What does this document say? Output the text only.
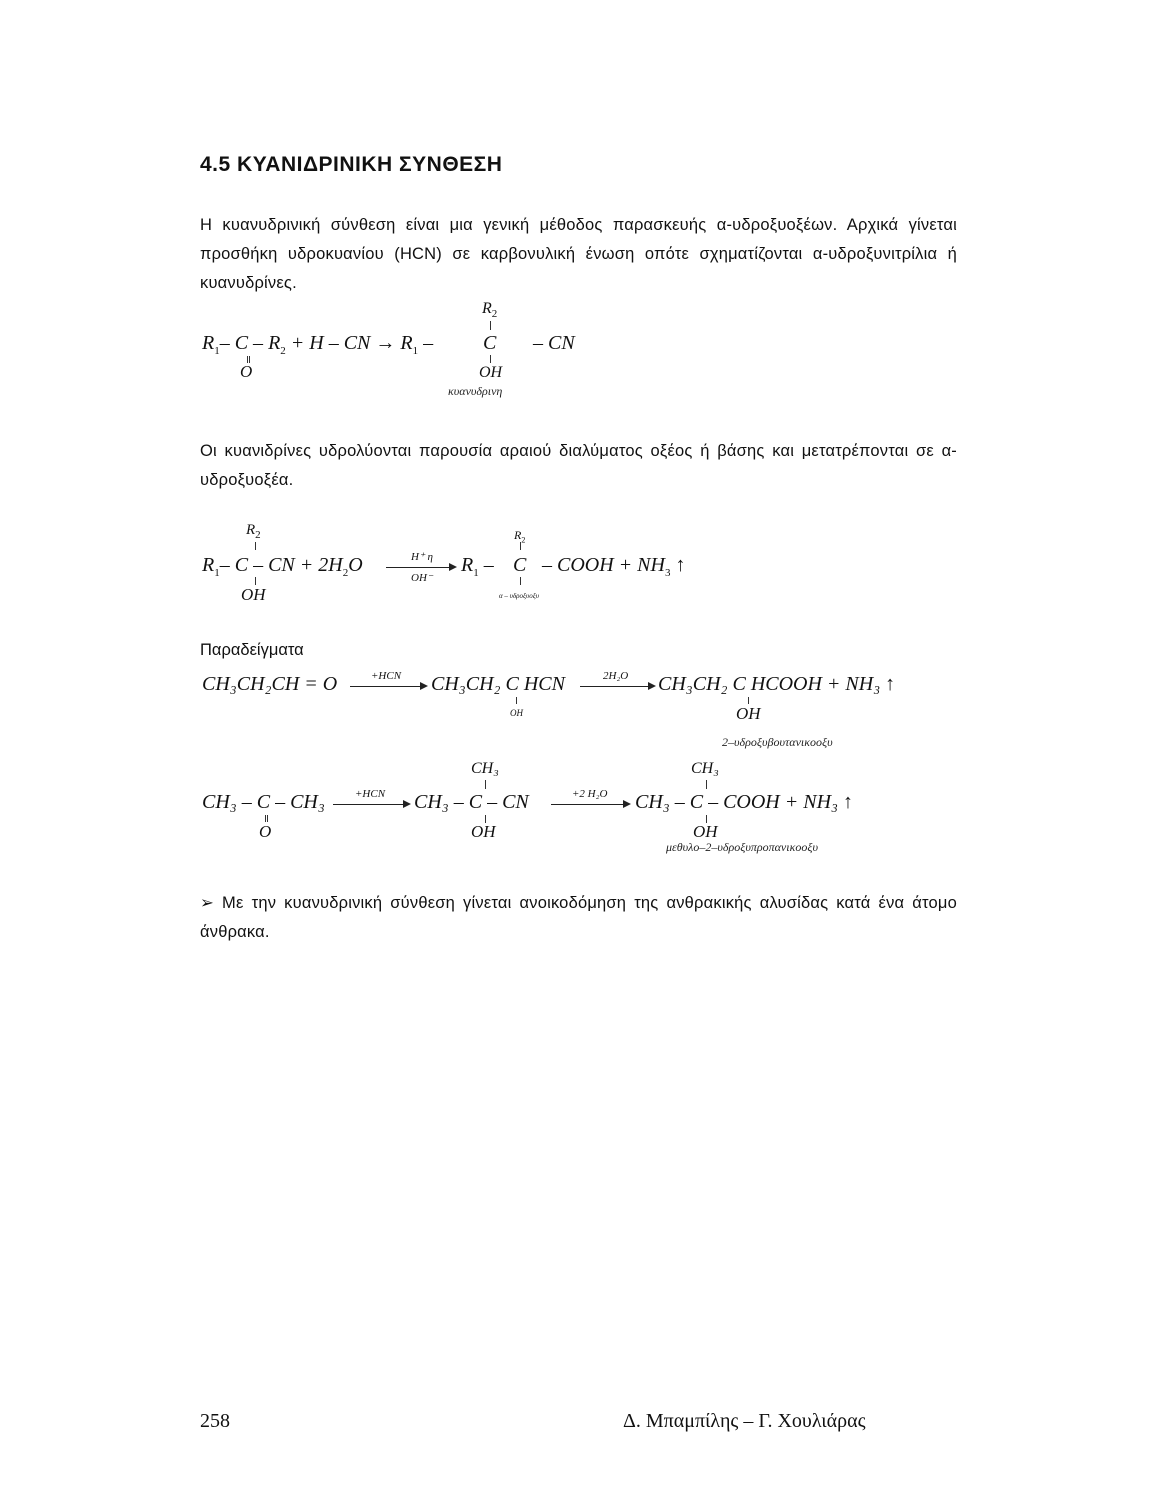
4.5 ΚΥΑΝΙΔΡΙΝΙΚΗ ΣΥΝΘΕΣΗ
Η κυανυδρινική σύνθεση είναι μια γενική μέθοδος παρασκευής α-υδροξυοξέων. Αρχικά γίνεται προσθήκη υδροκυανίου (HCN) σε καρβονυλική ένωση οπότε σχηματίζονται α-υδροξυνιτρίλια ή κυανυδρίνες.
$R_1-$ $C - R_2 + H$ – CN → $R_1$ –
O
$R_2$
C – CN
OH
κυανυδρινη
Οι κυανιδρίνες υδρολύονται παρουσία αραιού διαλύματος οξέος ή βάσης και μετατρέπονται σε α-υδροξυοξέα.
$R_2$
$R_1-$ C – CN + $2H_2O$	H⁺ η
OH⁻
OH
$R_1$ –
$R_2$
C – COOH + $NH_3$ ↑
α – υδροξυοξυ
Παραδείγματα
CH₃CH₂CH = O	+HCN CH₃CH₂ C HCN
OH
2H₂O CH₃CH₂ C HCOOH + NH₃ ↑
OH
2–υδροξυβουτανικοοξυ
CH₃ – C – CH₃
O
+HCN
CH₃
CH₃ – C – CN
OH
+2 H₂O
CH₃
CH₃ – C – COOH + NH₃ ↑
OH
μεθυλο–2–υδροξυπροπανικοοξυ
➢ Με την κυανυδρινική σύνθεση γίνεται ανοικοδόμηση της ανθρακικής αλυσίδας κατά ένα άτομο άνθρακα.
258	Δ. Μπαμπίλης – Γ. Χουλιάρας
